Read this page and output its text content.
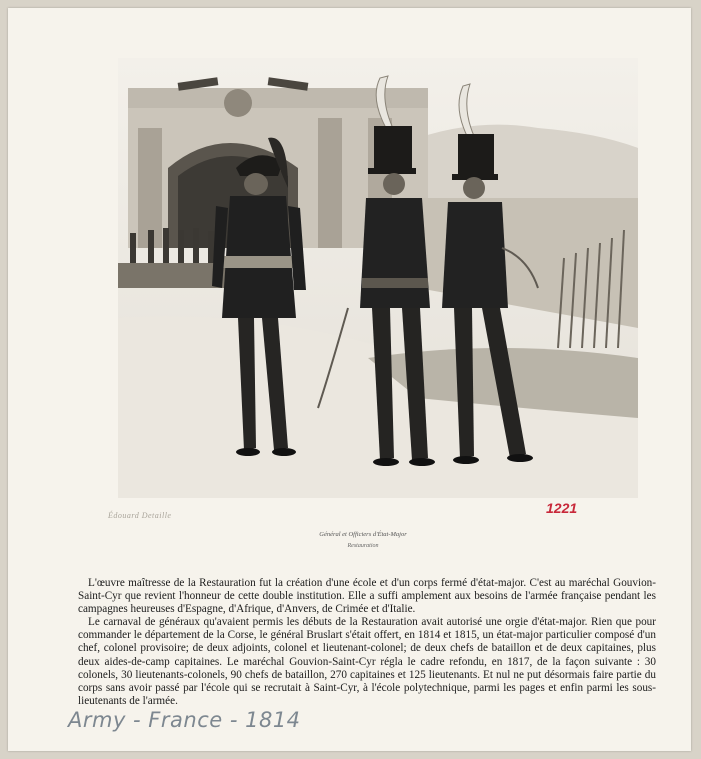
Édouard Detaille	1221
Général et Officiers d'État-Major
Restauration

L'œuvre maîtresse de la Restauration fut la création d'une école et d'un corps fermé d'état-major. C'est au maréchal Gouvion-Saint-Cyr que revient l'honneur de cette double institution. Elle a suffi amplement aux besoins de l'armée française pendant les campagnes heureuses d'Espagne, d'Afrique, d'Anvers, de Crimée et d'Italie.

Le carnaval de généraux qu'avaient permis les débuts de la Restauration avait autorisé une orgie d'état-major. Rien que pour commander le département de la Corse, le général Bruslart s'était offert, en 1814 et 1815, un état-major particulier composé d'un chef, colonel provisoire; de deux adjoints, colonel et lieutenant-colonel; de deux chefs de bataillon et de deux capitaines, plus deux aides-de-camp capitaines. Le maréchal Gouvion-Saint-Cyr régla le cadre refondu, en 1817, de la façon suivante : 30 colonels, 30 lieutenants-colonels, 90 chefs de bataillon, 270 capitaines et 125 lieutenants. Et nul ne put désormais faire partie du corps sans avoir passé par l'école qui se recrutait à Saint-Cyr, à l'école polytechnique, parmi les pages et enfin parmi les sous-lieutenants de l'armée.

Army - France - 1814
